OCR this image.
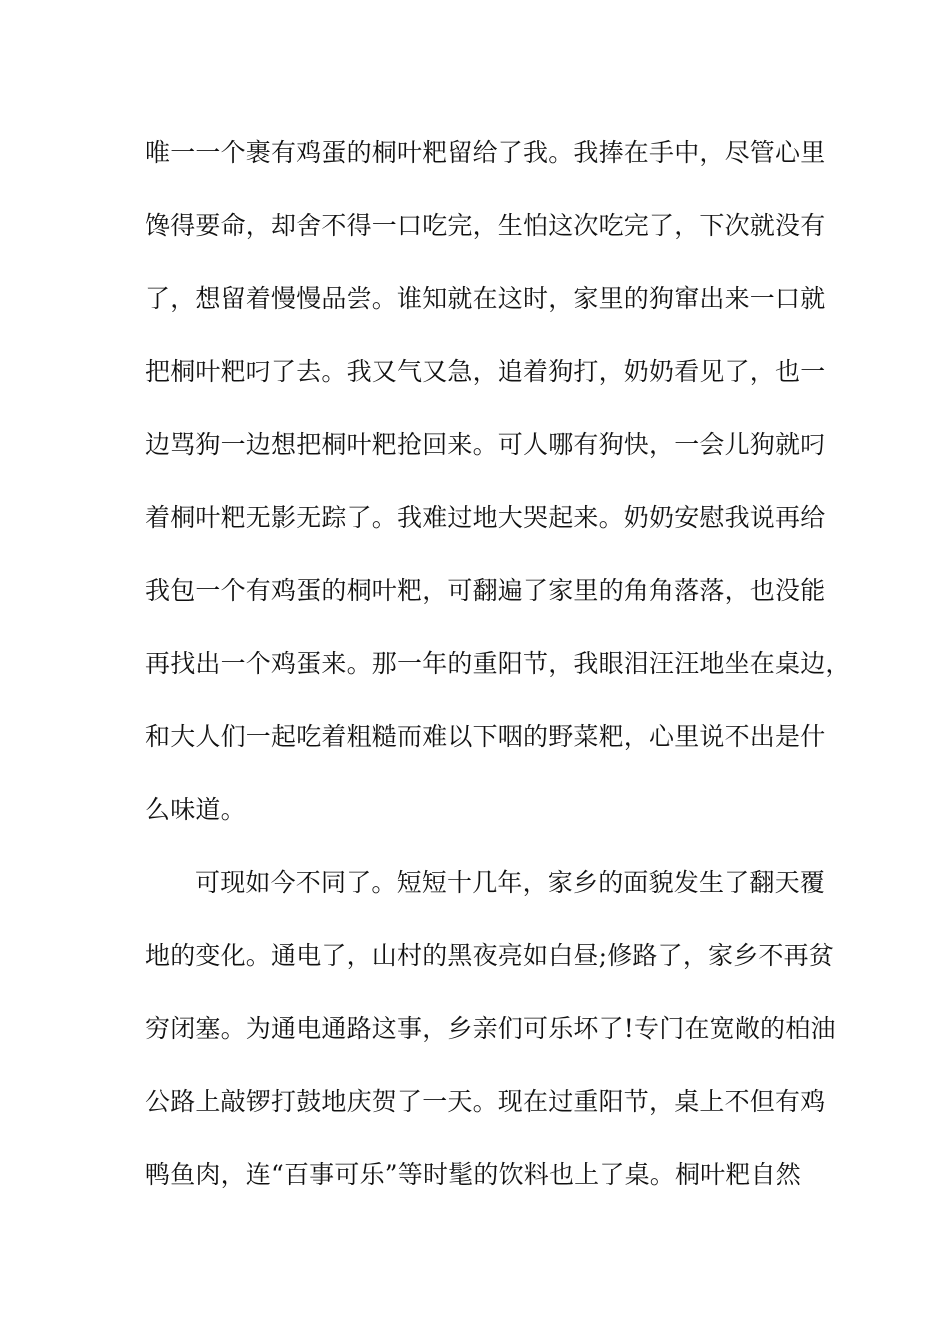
唯一一个裹有鸡蛋的桐叶粑留给了我。我捧在手中，尽管心里
馋得要命，却舍不得一口吃完，生怕这次吃完了，下次就没有
了，想留着慢慢品尝。谁知就在这时，家里的狗窜出来一口就
把桐叶粑叼了去。我又气又急，追着狗打，奶奶看见了，也一
边骂狗一边想把桐叶粑抢回来。可人哪有狗快，一会儿狗就叼
着桐叶粑无影无踪了。我难过地大哭起来。奶奶安慰我说再给
我包一个有鸡蛋的桐叶粑，可翻遍了家里的角角落落，也没能
再找出一个鸡蛋来。那一年的重阳节，我眼泪汪汪地坐在桌边，
和大人们一起吃着粗糙而难以下咽的野菜粑，心里说不出是什
么味道。
可现如今不同了。短短十几年，家乡的面貌发生了翻天覆
地的变化。通电了，山村的黑夜亮如白昼;修路了，家乡不再贫
穷闭塞。为通电通路这事，乡亲们可乐坏了!专门在宽敞的柏油
公路上敲锣打鼓地庆贺了一天。现在过重阳节，桌上不但有鸡
鸭鱼肉，连“百事可乐”等时髦的饮料也上了桌。桐叶粑自然
